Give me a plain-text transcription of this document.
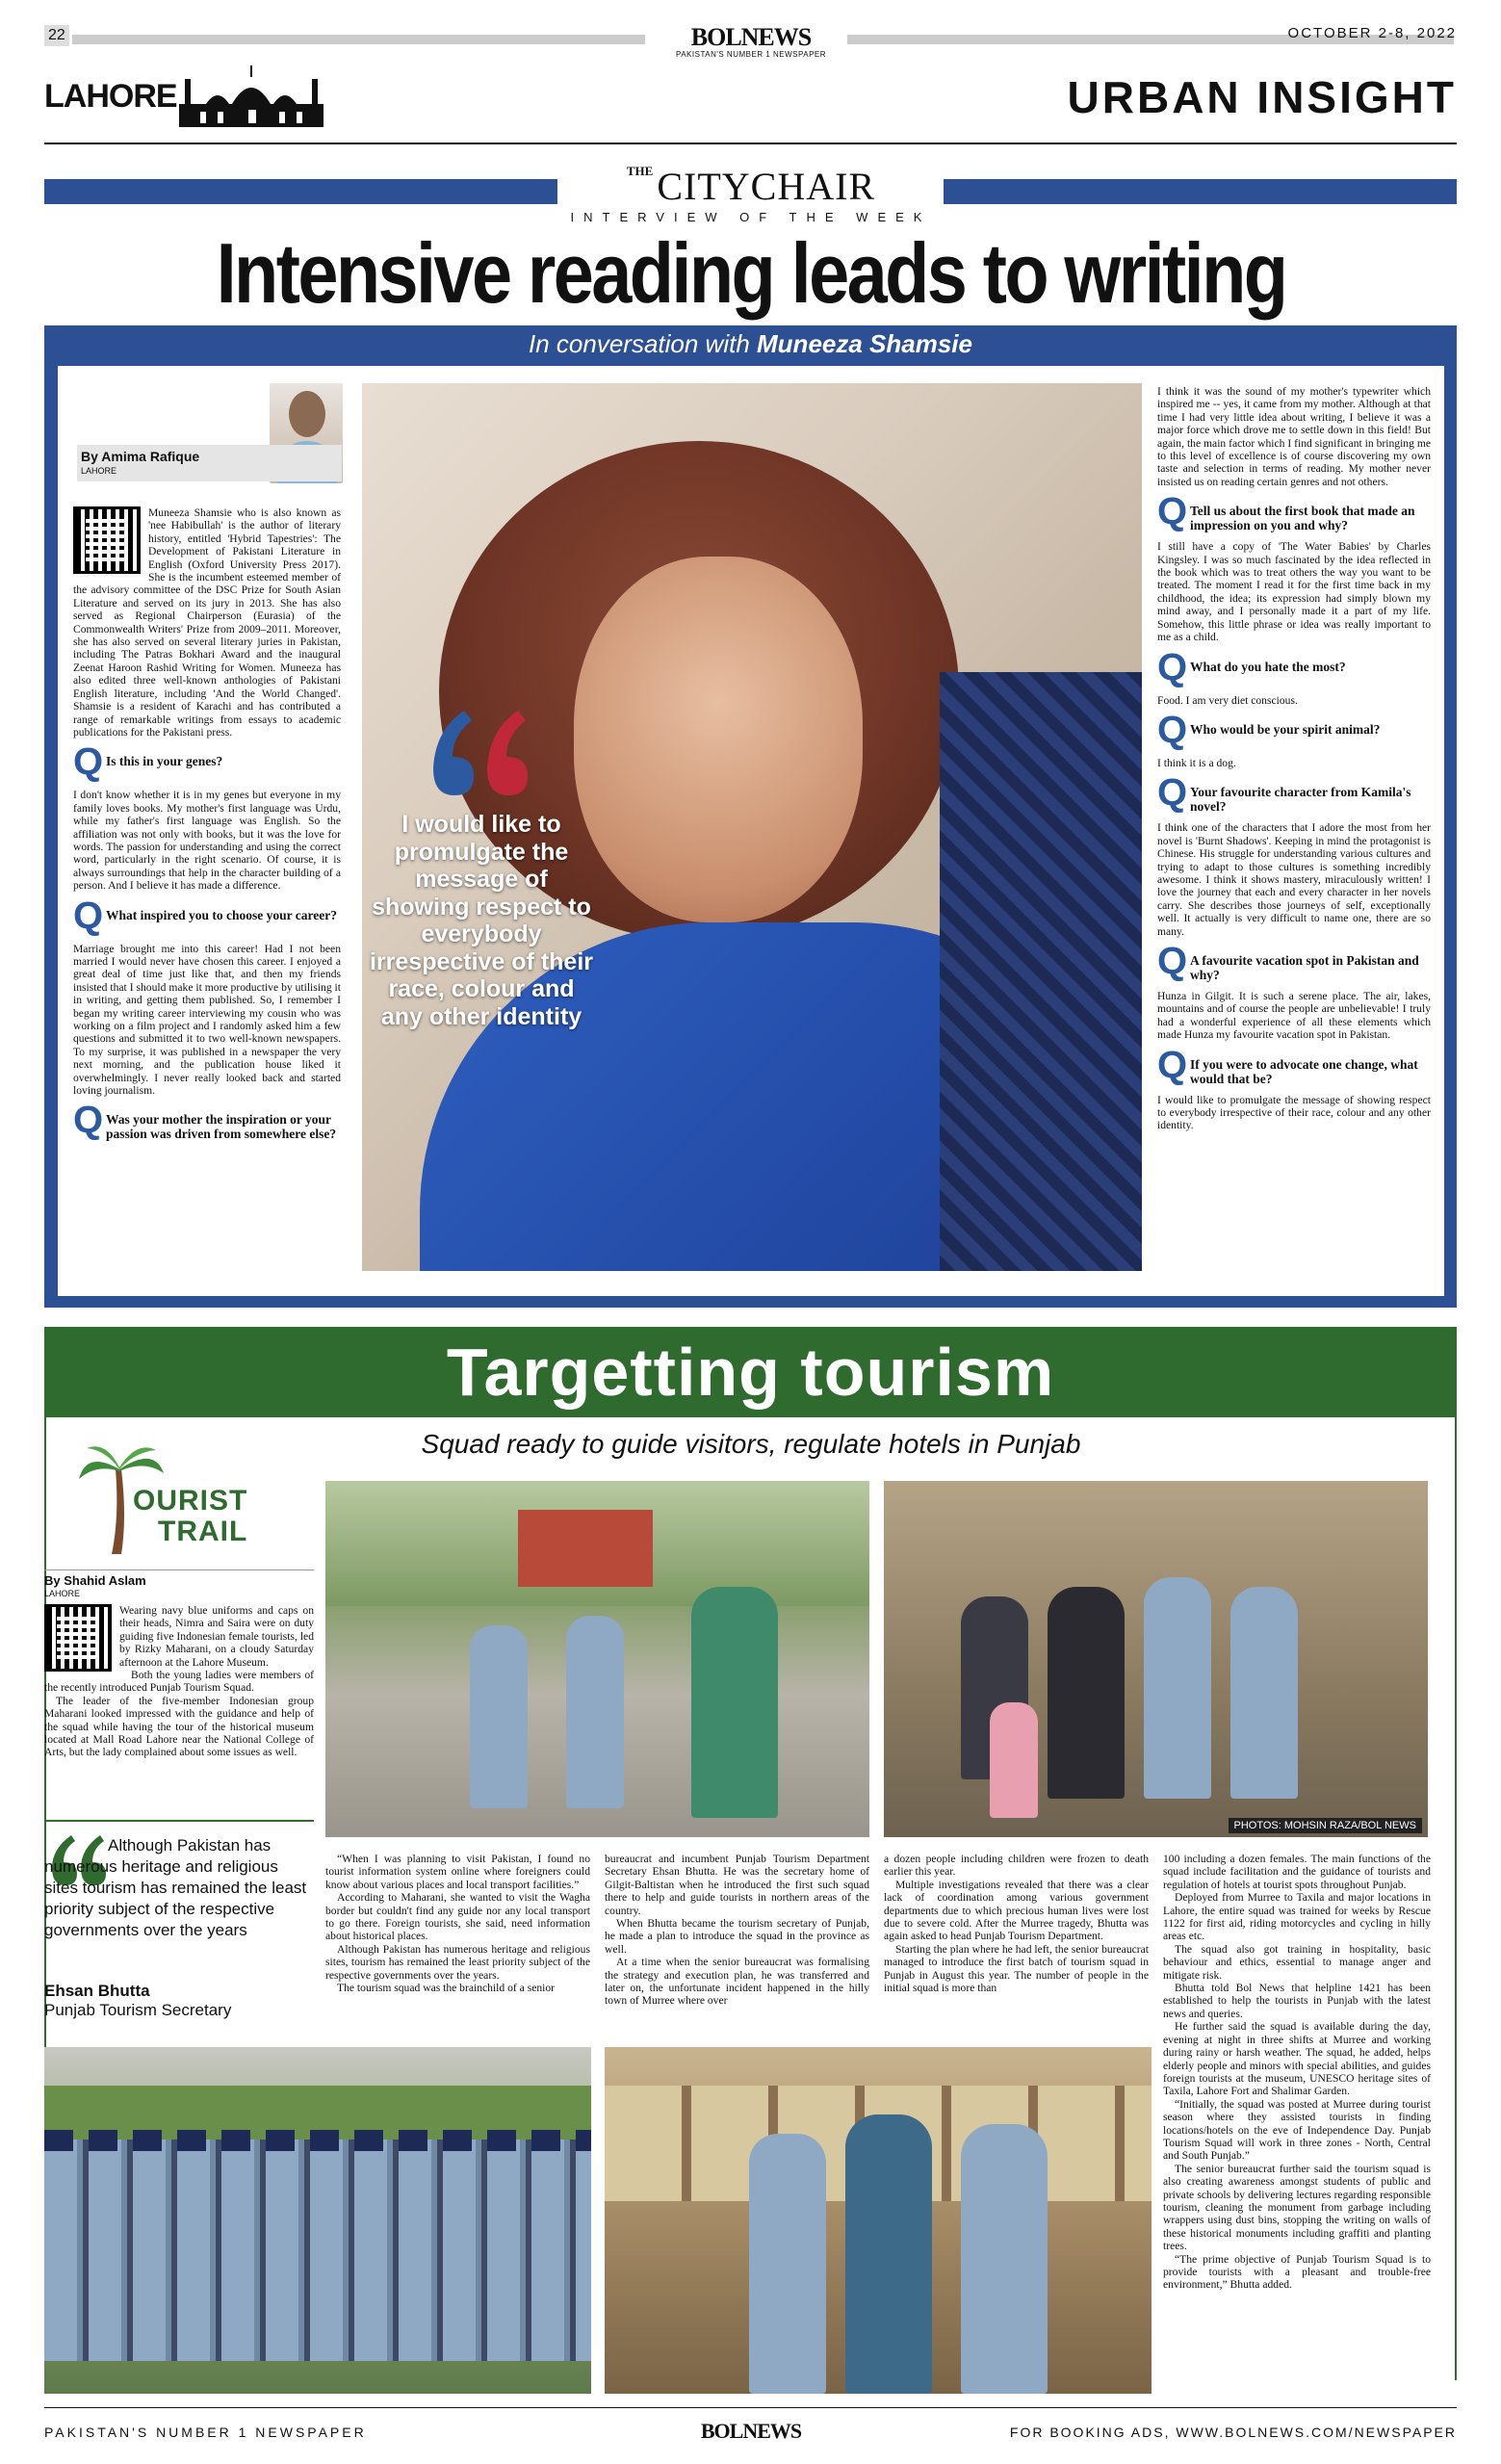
22	BOLNEWS
PAKISTAN'S NUMBER 1 NEWSPAPER
OCTOBER 2-8, 2022
LAHORE	URBAN INSIGHT
$^{THE}$ CITYCHAIR
INTERVIEW OF THE WEEK
Intensive reading leads to writing
In conversation with Muneeza Shamsie
By Amima Rafique
LAHORE

Muneeza Shamsie who is also known as 'nee Habibullah' is the author of literary history, entitled 'Hybrid Tapestries': The Development of Pakistani Literature in English (Oxford University Press 2017). She is the incumbent esteemed member of the advisory committee of the DSC Prize for South Asian Literature and served on its jury in 2013. She has also served as Regional Chairperson (Eurasia) of the Commonwealth Writers' Prize from 2009–2011. Moreover, she has also served on several literary juries in Pakistan, including The Patras Bokhari Award and the inaugural Zeenat Haroon Rashid Writing for Women. Muneeza has also edited three well-known anthologies of Pakistani English literature, including 'And the World Changed'. Shamsie is a resident of Karachi and has contributed a range of remarkable writings from essays to academic publications for the Pakistani press.

Q Is this in your genes?

I don't know whether it is in my genes but everyone in my family loves books. My mother's first language was Urdu, while my father's first language was English. So the affiliation was not only with books, but it was the love for words. The passion for understanding and using the correct word, particularly in the right scenario. Of course, it is always surroundings that help in the character building of a person. And I believe it has made a difference.

Q What inspired you to choose your career?

Marriage brought me into this career! Had I not been married I would never have chosen this career. I enjoyed a great deal of time just like that, and then my friends insisted that I should make it more productive by utilising it in writing, and getting them published. So, I remember I began my writing career interviewing my cousin who was working on a film project and I randomly asked him a few questions and submitted it to two well-known newspapers. To my surprise, it was published in a newspaper the very next morning, and the publication house liked it overwhelmingly. I never really looked back and started loving journalism.

Q Was your mother the inspiration or your passion was driven from somewhere else?
I would like to promulgate the message of showing respect to everybody irrespective of their race, colour and any other identity

I think it was the sound of my mother's typewriter which inspired me -- yes, it came from my mother. Although at that time I had very little idea about writing, I believe it was a major force which drove me to settle down in this field! But again, the main factor which I find significant in bringing me to this level of excellence is of course discovering my own taste and selection in terms of reading. My mother never insisted us on reading certain genres and not others.

Q Tell us about the first book that made an impression on you and why?

I still have a copy of 'The Water Babies' by Charles Kingsley. I was so much fascinated by the idea reflected in the book which was to treat others the way you want to be treated. The moment I read it for the first time back in my childhood, the idea; its expression had simply blown my mind away, and I personally made it a part of my life. Somehow, this little phrase or idea was really important to me as a child.

Q What do you hate the most?

Food. I am very diet conscious.

Q Who would be your spirit animal?

I think it is a dog.

Q Your favourite character from Kamila's novel?

I think one of the characters that I adore the most from her novel is 'Burnt Shadows'. Keeping in mind the protagonist is Chinese. His struggle for understanding various cultures and trying to adapt to those cultures is something incredibly awesome. I think it shows mastery, miraculously written! I love the journey that each and every character in her novels carry. She describes those journeys of self, exceptionally well. It actually is very difficult to name one, there are so many.

Q A favourite vacation spot in Pakistan and why?

Hunza in Gilgit. It is such a serene place. The air, lakes, mountains and of course the people are unbelievable! I truly had a wonderful experience of all these elements which made Hunza my favourite vacation spot in Pakistan.

Q If you were to advocate one change, what would that be?

I would like to promulgate the message of showing respect to everybody irrespective of their race, colour and any other identity.

Targetting tourism
Squad ready to guide visitors, regulate hotels in Punjab
OURIST
TRAIL
By Shahid Aslam
LAHORE

Wearing navy blue uniforms and caps on their heads, Nimra and Saira were on duty guiding five Indonesian female tourists, led by Rizky Maharani, on a cloudy Saturday afternoon at the Lahore Museum.

Both the young ladies were members of the recently introduced Punjab Tourism Squad.

The leader of the five-member Indonesian group Maharani looked impressed with the guidance and help of the squad while having the tour of the historical museum located at Mall Road Lahore near the National College of Arts, but the lady complained about some issues as well.

Although Pakistan has numerous heritage and religious sites tourism has remained the least priority subject of the respective governments over the years
Ehsan Bhutta
Punjab Tourism Secretary
PHOTOS: MOHSIN RAZA/BOL NEWS

“When I was planning to visit Pakistan, I found no tourist information system online where foreigners could know about various places and local transport facilities.”

According to Maharani, she wanted to visit the Wagha border but couldn't find any guide nor any local transport to go there. Foreign tourists, she said, need information about historical places.

Although Pakistan has numerous heritage and religious sites, tourism has remained the least priority subject of the respective governments over the years.

The tourism squad was the brainchild of a senior

bureaucrat and incumbent Punjab Tourism Department Secretary Ehsan Bhutta. He was the secretary home of Gilgit-Baltistan when he introduced the first such squad there to help and guide tourists in northern areas of the country.

When Bhutta became the tourism secretary of Punjab, he made a plan to introduce the squad in the province as well.

At a time when the senior bureaucrat was formalising the strategy and execution plan, he was transferred and later on, the unfortunate incident happened in the hilly town of Murree where over

a dozen people including children were frozen to death earlier this year.

Multiple investigations revealed that there was a clear lack of coordination among various government departments due to which precious human lives were lost due to severe cold. After the Murree tragedy, Bhutta was again asked to head Punjab Tourism Department.

Starting the plan where he had left, the senior bureaucrat managed to introduce the first batch of tourism squad in Punjab in August this year. The number of people in the initial squad is more than

100 including a dozen females. The main functions of the squad include facilitation and the guidance of tourists and regulation of hotels at tourist spots throughout Punjab.

Deployed from Murree to Taxila and major locations in Lahore, the entire squad was trained for weeks by Rescue 1122 for first aid, riding motorcycles and cycling in hilly areas etc.

The squad also got training in hospitality, basic behaviour and ethics, essential to manage anger and mitigate risk.

Bhutta told Bol News that helpline 1421 has been established to help the tourists in Punjab with the latest news and queries.

He further said the squad is available during the day, evening at night in three shifts at Murree and working during rainy or harsh weather. The squad, he added, helps elderly people and minors with special abilities, and guides foreign tourists at the museum, UNESCO heritage sites of Taxila, Lahore Fort and Shalimar Garden.

“Initially, the squad was posted at Murree during tourist season where they assisted tourists in finding locations/hotels on the eve of Independence Day. Punjab Tourism Squad will work in three zones - North, Central and South Punjab.”

The senior bureaucrat further said the tourism squad is also creating awareness amongst students of public and private schools by delivering lectures regarding responsible tourism, cleaning the monument from garbage including wrappers using dust bins, stopping the writing on walls of these historical monuments including graffiti and planting trees.

“The prime objective of Punjab Tourism Squad is to provide tourists with a pleasant and trouble-free environment,” Bhutta added.

PAKISTAN'S NUMBER 1 NEWSPAPER	BOLNEWS	FOR BOOKING ADS, WWW.BOLNEWS.COM/NEWSPAPER
